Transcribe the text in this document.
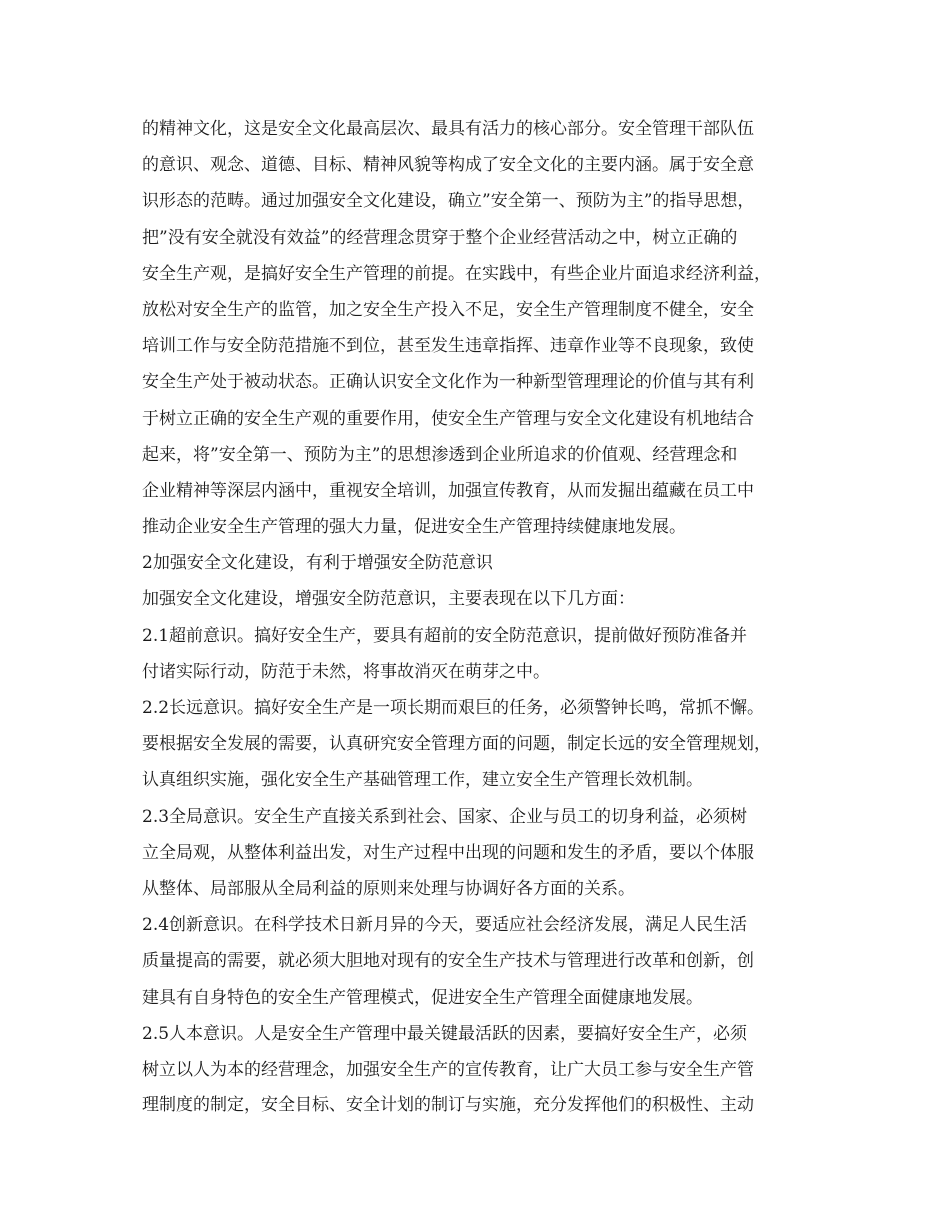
的精神文化，这是安全文化最高层次、最具有活力的核心部分。安全管理干部队伍
的意识、观念、道德、目标、精神风貌等构成了安全文化的主要内涵。属于安全意
识形态的范畴。通过加强安全文化建设，确立”安全第一、预防为主”的指导思想，
把”没有安全就没有效益”的经营理念贯穿于整个企业经营活动之中，树立正确的
安全生产观，是搞好安全生产管理的前提。在实践中，有些企业片面追求经济利益，
放松对安全生产的监管，加之安全生产投入不足，安全生产管理制度不健全，安全
培训工作与安全防范措施不到位，甚至发生违章指挥、违章作业等不良现象，致使
安全生产处于被动状态。正确认识安全文化作为一种新型管理理论的价值与其有利
于树立正确的安全生产观的重要作用，使安全生产管理与安全文化建设有机地结合
起来，将”安全第一、预防为主”的思想渗透到企业所追求的价值观、经营理念和
企业精神等深层内涵中，重视安全培训，加强宣传教育，从而发掘出蕴藏在员工中
推动企业安全生产管理的强大力量，促进安全生产管理持续健康地发展。
2加强安全文化建设，有利于增强安全防范意识
加强安全文化建设，增强安全防范意识，主要表现在以下几方面：
2.1超前意识。搞好安全生产，要具有超前的安全防范意识，提前做好预防准备并
付诸实际行动，防范于未然，将事故消灭在萌芽之中。
2.2长远意识。搞好安全生产是一项长期而艰巨的任务，必须警钟长鸣，常抓不懈。
要根据安全发展的需要，认真研究安全管理方面的问题，制定长远的安全管理规划，
认真组织实施，强化安全生产基础管理工作，建立安全生产管理长效机制。
2.3全局意识。安全生产直接关系到社会、国家、企业与员工的切身利益，必须树
立全局观，从整体利益出发，对生产过程中出现的问题和发生的矛盾，要以个体服
从整体、局部服从全局利益的原则来处理与协调好各方面的关系。
2.4创新意识。在科学技术日新月异的今天，要适应社会经济发展，满足人民生活
质量提高的需要，就必须大胆地对现有的安全生产技术与管理进行改革和创新，创
建具有自身特色的安全生产管理模式，促进安全生产管理全面健康地发展。
2.5人本意识。人是安全生产管理中最关键最活跃的因素，要搞好安全生产，必须
树立以人为本的经营理念，加强安全生产的宣传教育，让广大员工参与安全生产管
理制度的制定，安全目标、安全计划的制订与实施，充分发挥他们的积极性、主动
